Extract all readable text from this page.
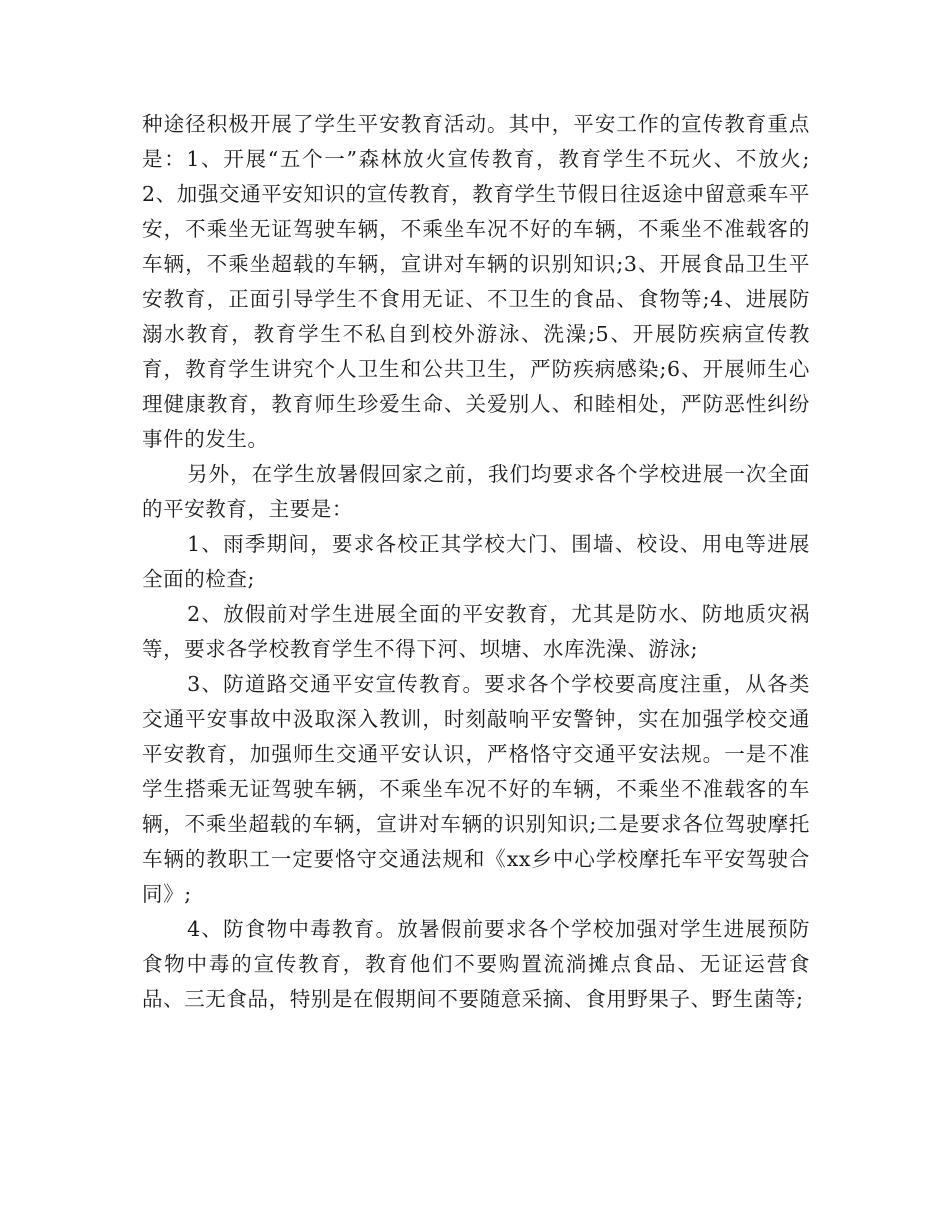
种途径积极开展了学生平安教育活动。其中，平安工作的宣传教育重点是：1、开展“五个一”森林放火宣传教育，教育学生不玩火、不放火;2、加强交通平安知识的宣传教育，教育学生节假日往返途中留意乘车平安，不乘坐无证驾驶车辆，不乘坐车况不好的车辆，不乘坐不准载客的车辆，不乘坐超载的车辆，宣讲对车辆的识别知识;3、开展食品卫生平安教育，正面引导学生不食用无证、不卫生的食品、食物等;4、进展防溺水教育，教育学生不私自到校外游泳、洗澡;5、开展防疾病宣传教育，教育学生讲究个人卫生和公共卫生，严防疾病感染;6、开展师生心理健康教育，教育师生珍爱生命、关爱别人、和睦相处，严防恶性纠纷事件的发生。

另外，在学生放暑假回家之前，我们均要求各个学校进展一次全面的平安教育，主要是：

1、雨季期间，要求各校正其学校大门、围墙、校设、用电等进展全面的检查;

2、放假前对学生进展全面的平安教育，尤其是防水、防地质灾祸等，要求各学校教育学生不得下河、坝塘、水库洗澡、游泳;

3、防道路交通平安宣传教育。要求各个学校要高度注重，从各类交通平安事故中汲取深入教训，时刻敲响平安警钟，实在加强学校交通平安教育，加强师生交通平安认识，严格恪守交通平安法规。一是不准学生搭乘无证驾驶车辆，不乘坐车况不好的车辆，不乘坐不准载客的车辆，不乘坐超载的车辆，宣讲对车辆的识别知识;二是要求各位驾驶摩托车辆的教职工一定要恪守交通法规和《xx乡中心学校摩托车平安驾驶合同》;

4、防食物中毒教育。放暑假前要求各个学校加强对学生进展预防食物中毒的宣传教育，教育他们不要购置流淌摊点食品、无证运营食品、三无食品，特别是在假期间不要随意采摘、食用野果子、野生菌等;
